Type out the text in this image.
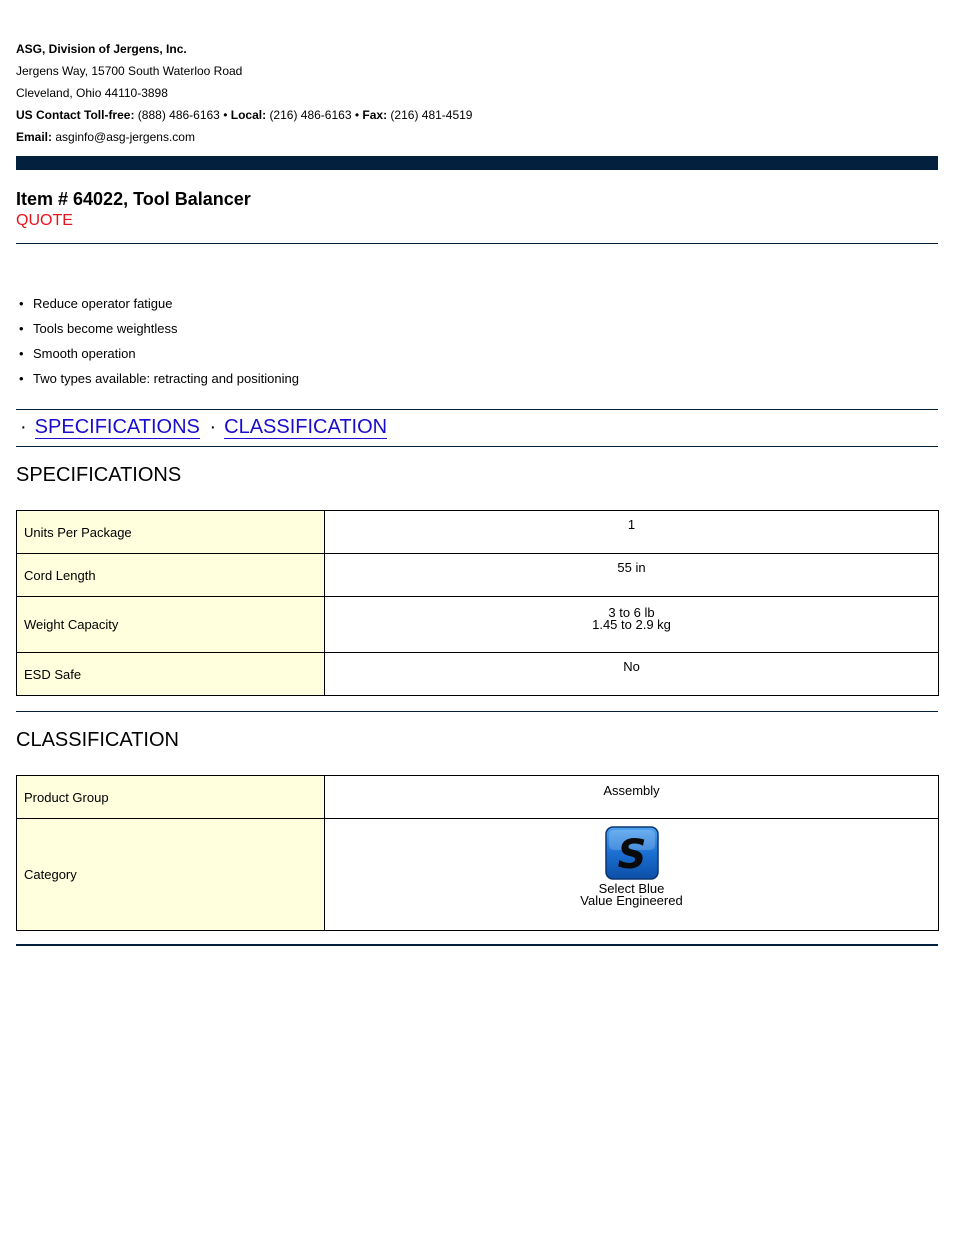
ASG, Division of Jergens, Inc.
Jergens Way, 15700 South Waterloo Road
Cleveland, Ohio 44110-3898
US Contact Toll-free: (888) 486-6163 • Local: (216) 486-6163 • Fax: (216) 481-4519
Email: asginfo@asg-jergens.com
Item # 64022, Tool Balancer
QUOTE
• Reduce operator fatigue
• Tools become weightless
• Smooth operation
• Two types available: retracting and positioning
· SPECIFICATIONS · CLASSIFICATION
SPECIFICATIONS
Units Per Package	1
Cord Length	55 in
Weight Capacity	3 to 6 lb
1.45 to 2.9 kg

ESD Safe	No
CLASSIFICATION
Product Group	Assembly
Category	S
Select Blue
Value Engineered
